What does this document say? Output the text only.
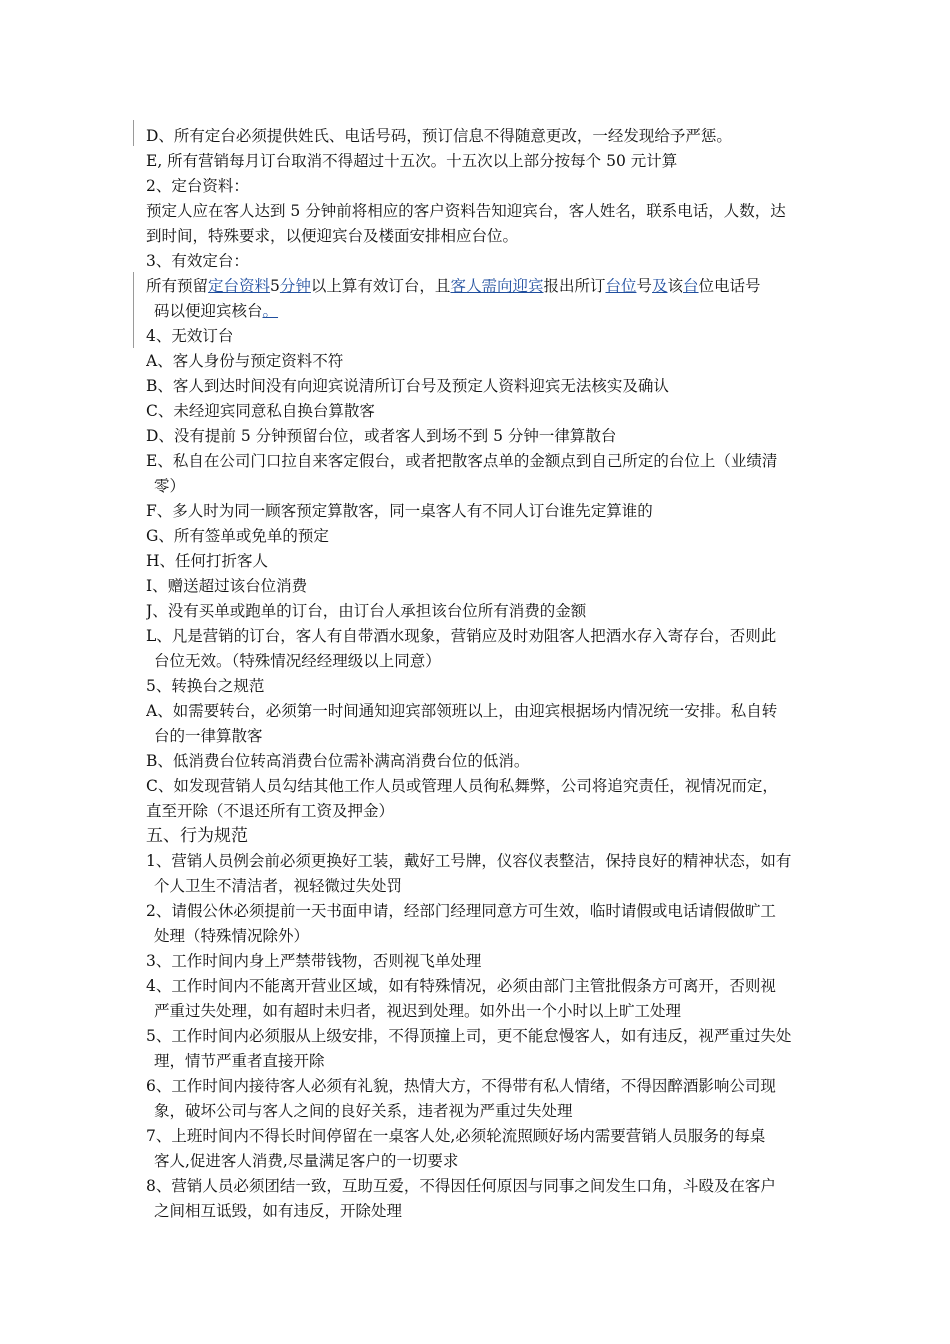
D、所有定台必须提供姓氏、电话号码，预订信息不得随意更改，一经发现给予严惩。
E, 所有营销每月订台取消不得超过十五次。十五次以上部分按每个 50 元计算
2、定台资料：
预定人应在客人达到 5 分钟前将相应的客户资料告知迎宾台，客人姓名，联系电话，人数，达
到时间，特殊要求，以便迎宾台及楼面安排相应台位。
3、有效定台：
所有预留定台资料5分钟以上算有效订台，且客人需向迎宾报出所订台位号及该台位电话号
码以便迎宾核台。
4、无效订台
A、客人身份与预定资料不符
B、客人到达时间没有向迎宾说清所订台号及预定人资料迎宾无法核实及确认
C、未经迎宾同意私自换台算散客
D、没有提前 5 分钟预留台位，或者客人到场不到 5 分钟一律算散台
E、私自在公司门口拉自来客定假台，或者把散客点单的金额点到自己所定的台位上（业绩清
零）
F、多人时为同一顾客预定算散客，同一桌客人有不同人订台谁先定算谁的
G、所有签单或免单的预定
H、任何打折客人
I、赠送超过该台位消费
J、没有买单或跑单的订台，由订台人承担该台位所有消费的金额
L、凡是营销的订台，客人有自带酒水现象，营销应及时劝阻客人把酒水存入寄存台，否则此
台位无效。（特殊情况经经理级以上同意）
5、转换台之规范
A、如需要转台，必须第一时间通知迎宾部领班以上，由迎宾根据场内情况统一安排。私自转
台的一律算散客
B、低消费台位转高消费台位需补满高消费台位的低消。
C、如发现营销人员勾结其他工作人员或管理人员徇私舞弊，公司将追究责任，视情况而定，
直至开除（不退还所有工资及押金）
五、行为规范
1、营销人员例会前必须更换好工装，戴好工号牌，仪容仪表整洁，保持良好的精神状态，如有
个人卫生不清洁者，视轻微过失处罚
2、请假公休必须提前一天书面申请，经部门经理同意方可生效，临时请假或电话请假做旷工
处理（特殊情况除外）
3、工作时间内身上严禁带钱物，否则视飞单处理
4、工作时间内不能离开营业区域，如有特殊情况，必须由部门主管批假条方可离开，否则视
严重过失处理，如有超时未归者，视迟到处理。如外出一个小时以上旷工处理
5、工作时间内必须服从上级安排，不得顶撞上司，更不能怠慢客人，如有违反，视严重过失处
理，情节严重者直接开除
6、工作时间内接待客人必须有礼貌，热情大方，不得带有私人情绪，不得因醉酒影响公司现
象，破坏公司与客人之间的良好关系，违者视为严重过失处理
7、上班时间内不得长时间停留在一桌客人处,必须轮流照顾好场内需要营销人员服务的每桌
客人,促进客人消费,尽量满足客户的一切要求
8、营销人员必须团结一致，互助互爱，不得因任何原因与同事之间发生口角，斗殴及在客户
之间相互诋毁，如有违反，开除处理
